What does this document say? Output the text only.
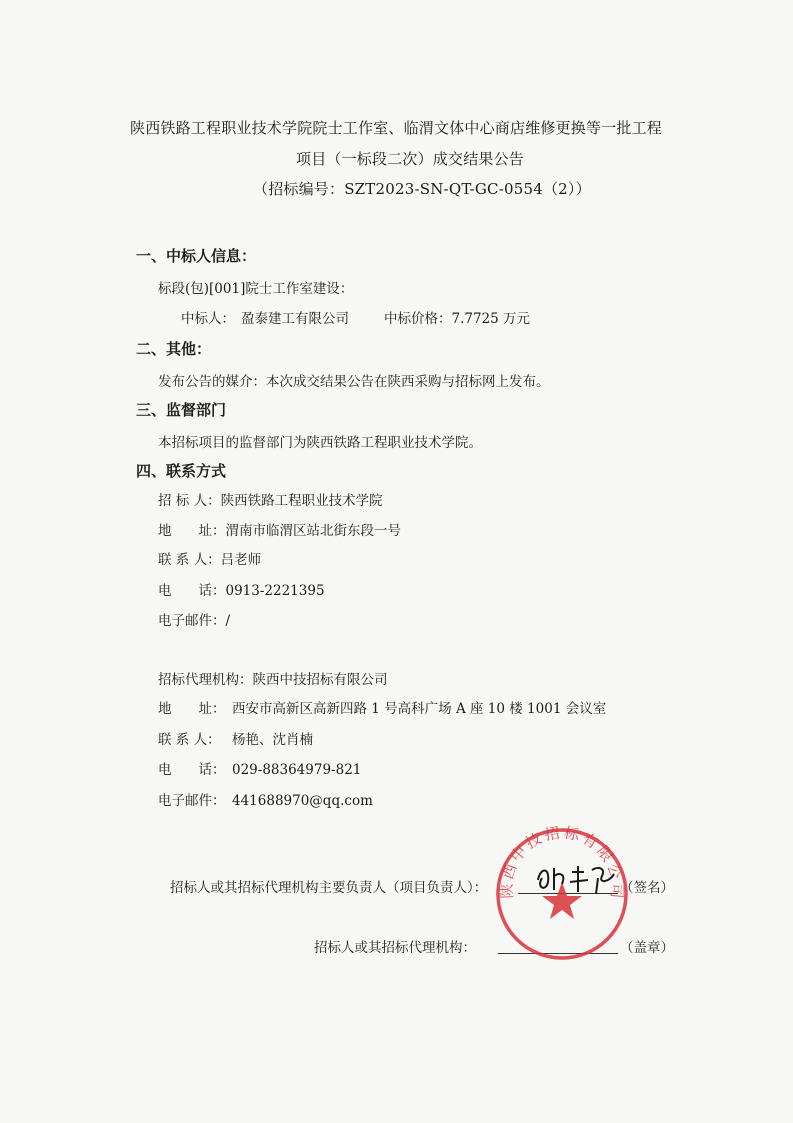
陕西铁路工程职业技术学院院士工作室、临渭文体中心商店维修更换等一批工程
项目（一标段二次）成交结果公告
（招标编号：SZT2023-SN-QT-GC-0554（2））
一、中标人信息：
标段(包)[001]院士工作室建设：
中标人： 盈泰建工有限公司	中标价格：7.7725 万元
二、其他：
发布公告的媒介：本次成交结果公告在陕西采购与招标网上发布。
三、监督部门
本招标项目的监督部门为陕西铁路工程职业技术学院。
四、联系方式
招 标 人：陕西铁路工程职业技术学院
地　　址：渭南市临渭区站北街东段一号
联 系 人：吕老师
电　　话：0913-2221395
电子邮件：/
招标代理机构：陕西中技招标有限公司
地　　址： 西安市高新区高新四路 1 号高科广场 A 座 10 楼 1001 会议室
联 系 人： 杨艳、沈肖楠
电　　话： 029-88364979-821
电子邮件： 441688970@qq.com
招标人或其招标代理机构主要负责人（项目负责人）：	（签名）
招标人或其招标代理机构：	（盖章）
陕西中技招标有限公司
